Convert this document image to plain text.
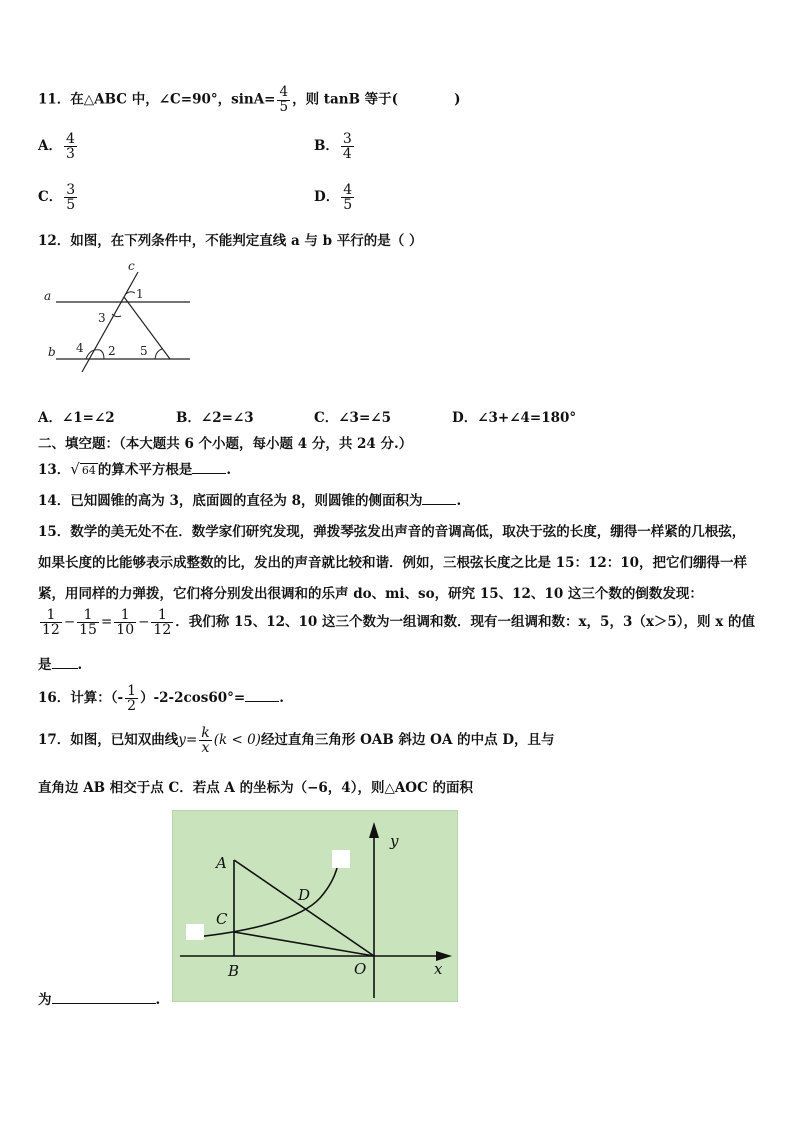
11．在△ABC 中，∠C=90°，$\sin A= \frac{4}{5}$ ，则 tanB 等于(	)
A． $\frac{4}{3}$	B． $\frac{3}{4}$
C． $\frac{3}{5}$	D． $\frac{4}{5}$
12．如图，在下列条件中，不能判定直线 a 与 b 平行的是（ ）
c
a
b
1
3
4 2 5
A．∠1=∠2	B．∠2=∠3	C．∠3=∠5	D．∠3+∠4=180°
二、填空题：（本大题共 6 个小题，每小题 4 分，共 24 分.）
13．√ 64 的算术平方根是	.
14．已知圆锥的高为 3，底面圆的直径为 8，则圆锥的侧面积为	.
15．数学的美无处不在．数学家们研究发现，弹拨琴弦发出声音的音调高低，取决于弦的长度，绷得一样紧的几根弦，
如果长度的比能够表示成整数的比，发出的声音就比较和谐．例如，三根弦长度之比是 15：12：10，把它们绷得一样
紧，用同样的力弹拨，它们将分别发出很调和的乐声 do、mi、so，研究 15、12、10 这三个数的倒数发现：
$\frac{1}{12} - \frac{1}{15} = \frac{1}{10} - \frac{1}{12}$ ．我们称 15、12、10 这三个数为一组调和数．现有一组调和数：x，5，3（x＞5），则 x 的值
是 .
16．计算：（- $\frac{1}{2} )-2-2\cos 60^\circ=$	.
17．如图，已知双曲线$y= \frac{k}{x} (k < 0)$经过直角三角形 OAB 斜边 OA 的中点 D，且与
直角边 AB 相交于点 C．若点 A 的坐标为（−6，4），则△AOC 的面积
A
C
D
B	O	x
y
为	.
